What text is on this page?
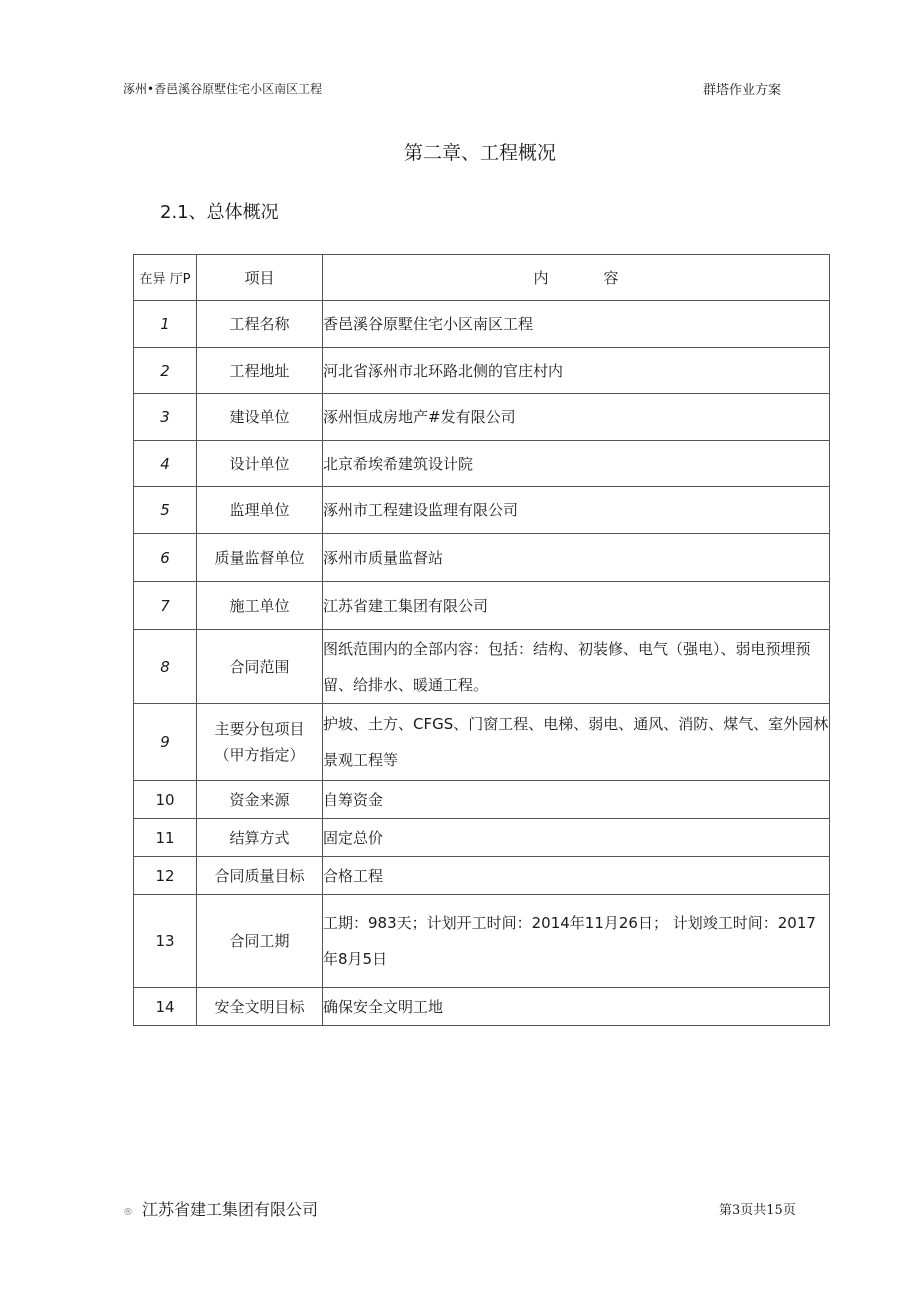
涿州•香邑溪谷原墅住宅小区南区工程	群塔作业方案
第二章、工程概况
2.1、总体概况
在异 厅P	项目	内 容
1	工程名称	香邑溪谷原墅住宅小区南区工程
2	工程地址	河北省涿州市北环路北侧的官庄村内
3	建设单位	涿州恒成房地产#发有限公司
4	设计单位	北京希埃希建筑设计院
5	监理单位	涿州市工程建设监理有限公司
6	质量监督单位	涿州市质量监督站
7	施工单位	江苏省建工集团有限公司
8	合同范围	图纸范围内的全部内容：包括：结构、初装修、电气（强电）、弱电预埋预留、给排水、暖通工程。
9	主要分包项目（甲方指定）	护坡、土方、CFGS、门窗工程、电梯、弱电、通风、消防、煤气、室外园林景观工程等
10	资金来源	自筹资金
11	结算方式	固定总价
12	合同质量目标	合格工程
13	合同工期	工期：983天；计划开工时间：2014年11月26日； 计划竣工时间：2017年8月5日
14	安全文明目标	确保安全文明工地
® 江苏省建工集团有限公司	第3页共15页
